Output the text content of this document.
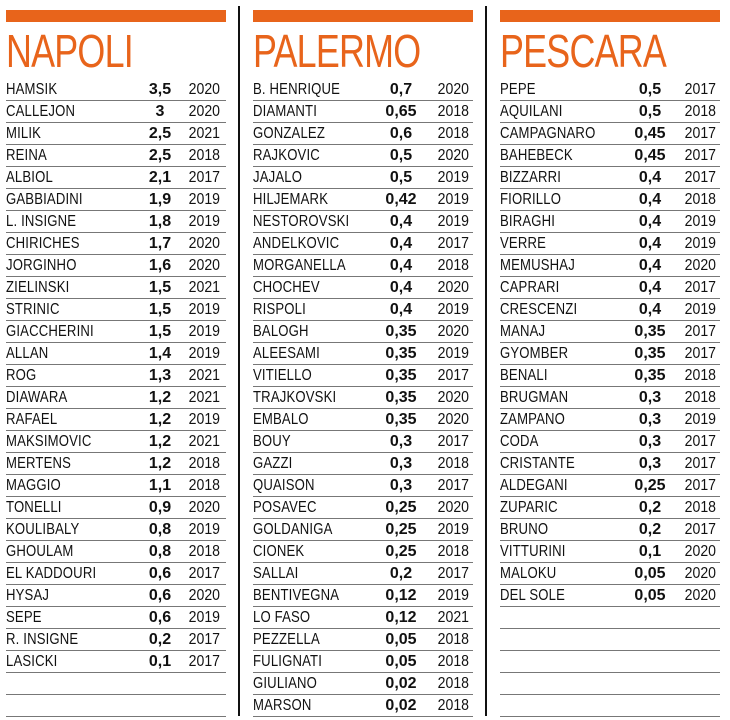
NAPOLI
HAMSIK	3,5	2020
CALLEJON	3	2020
MILIK	2,5	2021
REINA	2,5	2018
ALBIOL	2,1	2017
GABBIADINI	1,9	2019
L. INSIGNE	1,8	2019
CHIRICHES	1,7	2020
JORGINHO	1,6	2020
ZIELINSKI	1,5	2021
STRINIC	1,5	2019
GIACCHERINI	1,5	2019
ALLAN	1,4	2019
ROG	1,3	2021
DIAWARA	1,2	2021
RAFAEL	1,2	2019
MAKSIMOVIC	1,2	2021
MERTENS	1,2	2018
MAGGIO	1,1	2018
TONELLI	0,9	2020
KOULIBALY	0,8	2019
GHOULAM	0,8	2018
EL KADDOURI	0,6	2017
HYSAJ	0,6	2020
SEPE	0,6	2019
R. INSIGNE	0,2	2017
LASICKI	0,1	2017
PALERMO
B. HENRIQUE	0,7	2020
DIAMANTI	0,65	2018
GONZALEZ	0,6	2018
RAJKOVIC	0,5	2020
JAJALO	0,5	2019
HILJEMARK	0,42	2019
NESTOROVSKI	0,4	2019
ANDELKOVIC	0,4	2017
MORGANELLA	0,4	2018
CHOCHEV	0,4	2020
RISPOLI	0,4	2019
BALOGH	0,35	2020
ALEESAMI	0,35	2019
VITIELLO	0,35	2017
TRAJKOVSKI	0,35	2020
EMBALO	0,35	2020
BOUY	0,3	2017
GAZZI	0,3	2018
QUAISON	0,3	2017
POSAVEC	0,25	2020
GOLDANIGA	0,25	2019
CIONEK	0,25	2018
SALLAI	0,2	2017
BENTIVEGNA	0,12	2019
LO FASO	0,12	2021
PEZZELLA	0,05	2018
FULIGNATI	0,05	2018
GIULIANO	0,02	2018
MARSON	0,02	2018
PESCARA
PEPE	0,5	2017
AQUILANI	0,5	2018
CAMPAGNARO	0,45	2017
BAHEBECK	0,45	2017
BIZZARRI	0,4	2017
FIORILLO	0,4	2018
BIRAGHI	0,4	2019
VERRE	0,4	2019
MEMUSHAJ	0,4	2020
CAPRARI	0,4	2017
CRESCENZI	0,4	2019
MANAJ	0,35	2017
GYOMBER	0,35	2017
BENALI	0,35	2018
BRUGMAN	0,3	2018
ZAMPANO	0,3	2019
CODA	0,3	2017
CRISTANTE	0,3	2017
ALDEGANI	0,25	2017
ZUPARIC	0,2	2018
BRUNO	0,2	2017
VITTURINI	0,1	2020
MALOKU	0,05	2020
DEL SOLE	0,05	2020
